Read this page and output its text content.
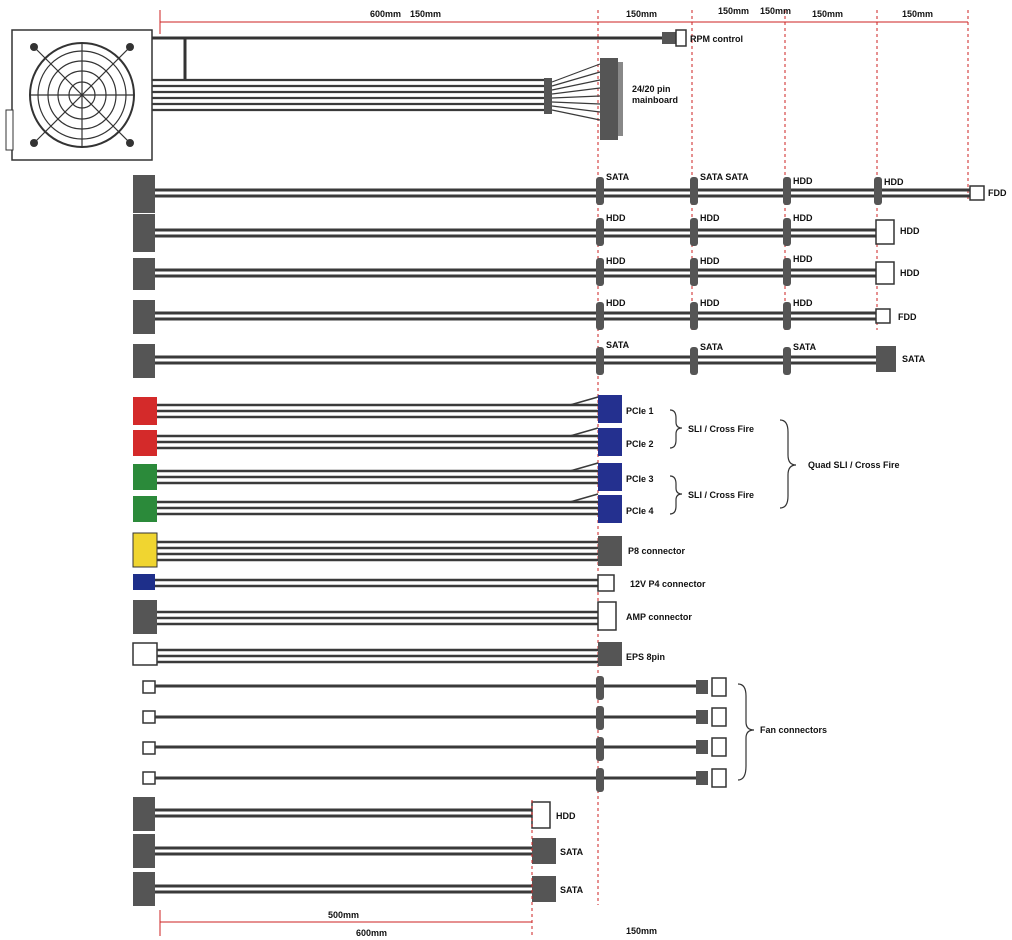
600mm 150mm	150mm	150mm 150mm 150mm	150mm
RPM control
24/20 pin
mainboard
SATA	SATA SATA	HDD	HDD
FDD
HDD	HDD	HDD
HDD
HDD	HDD	HDD
HDD
HDD	HDD	HDD
FDD
SATA	SATA	SATA
SATA
PCIe 1
PCIe 2
PCIe 3
PCIe 4
SLI / Cross Fire
SLI / Cross Fire
Quad SLI / Cross Fire
P8 connector
12V P4 connector
AMP connector
EPS 8pin
Fan connectors
HDD
SATA
SATA
500mm
600mm	150mm
